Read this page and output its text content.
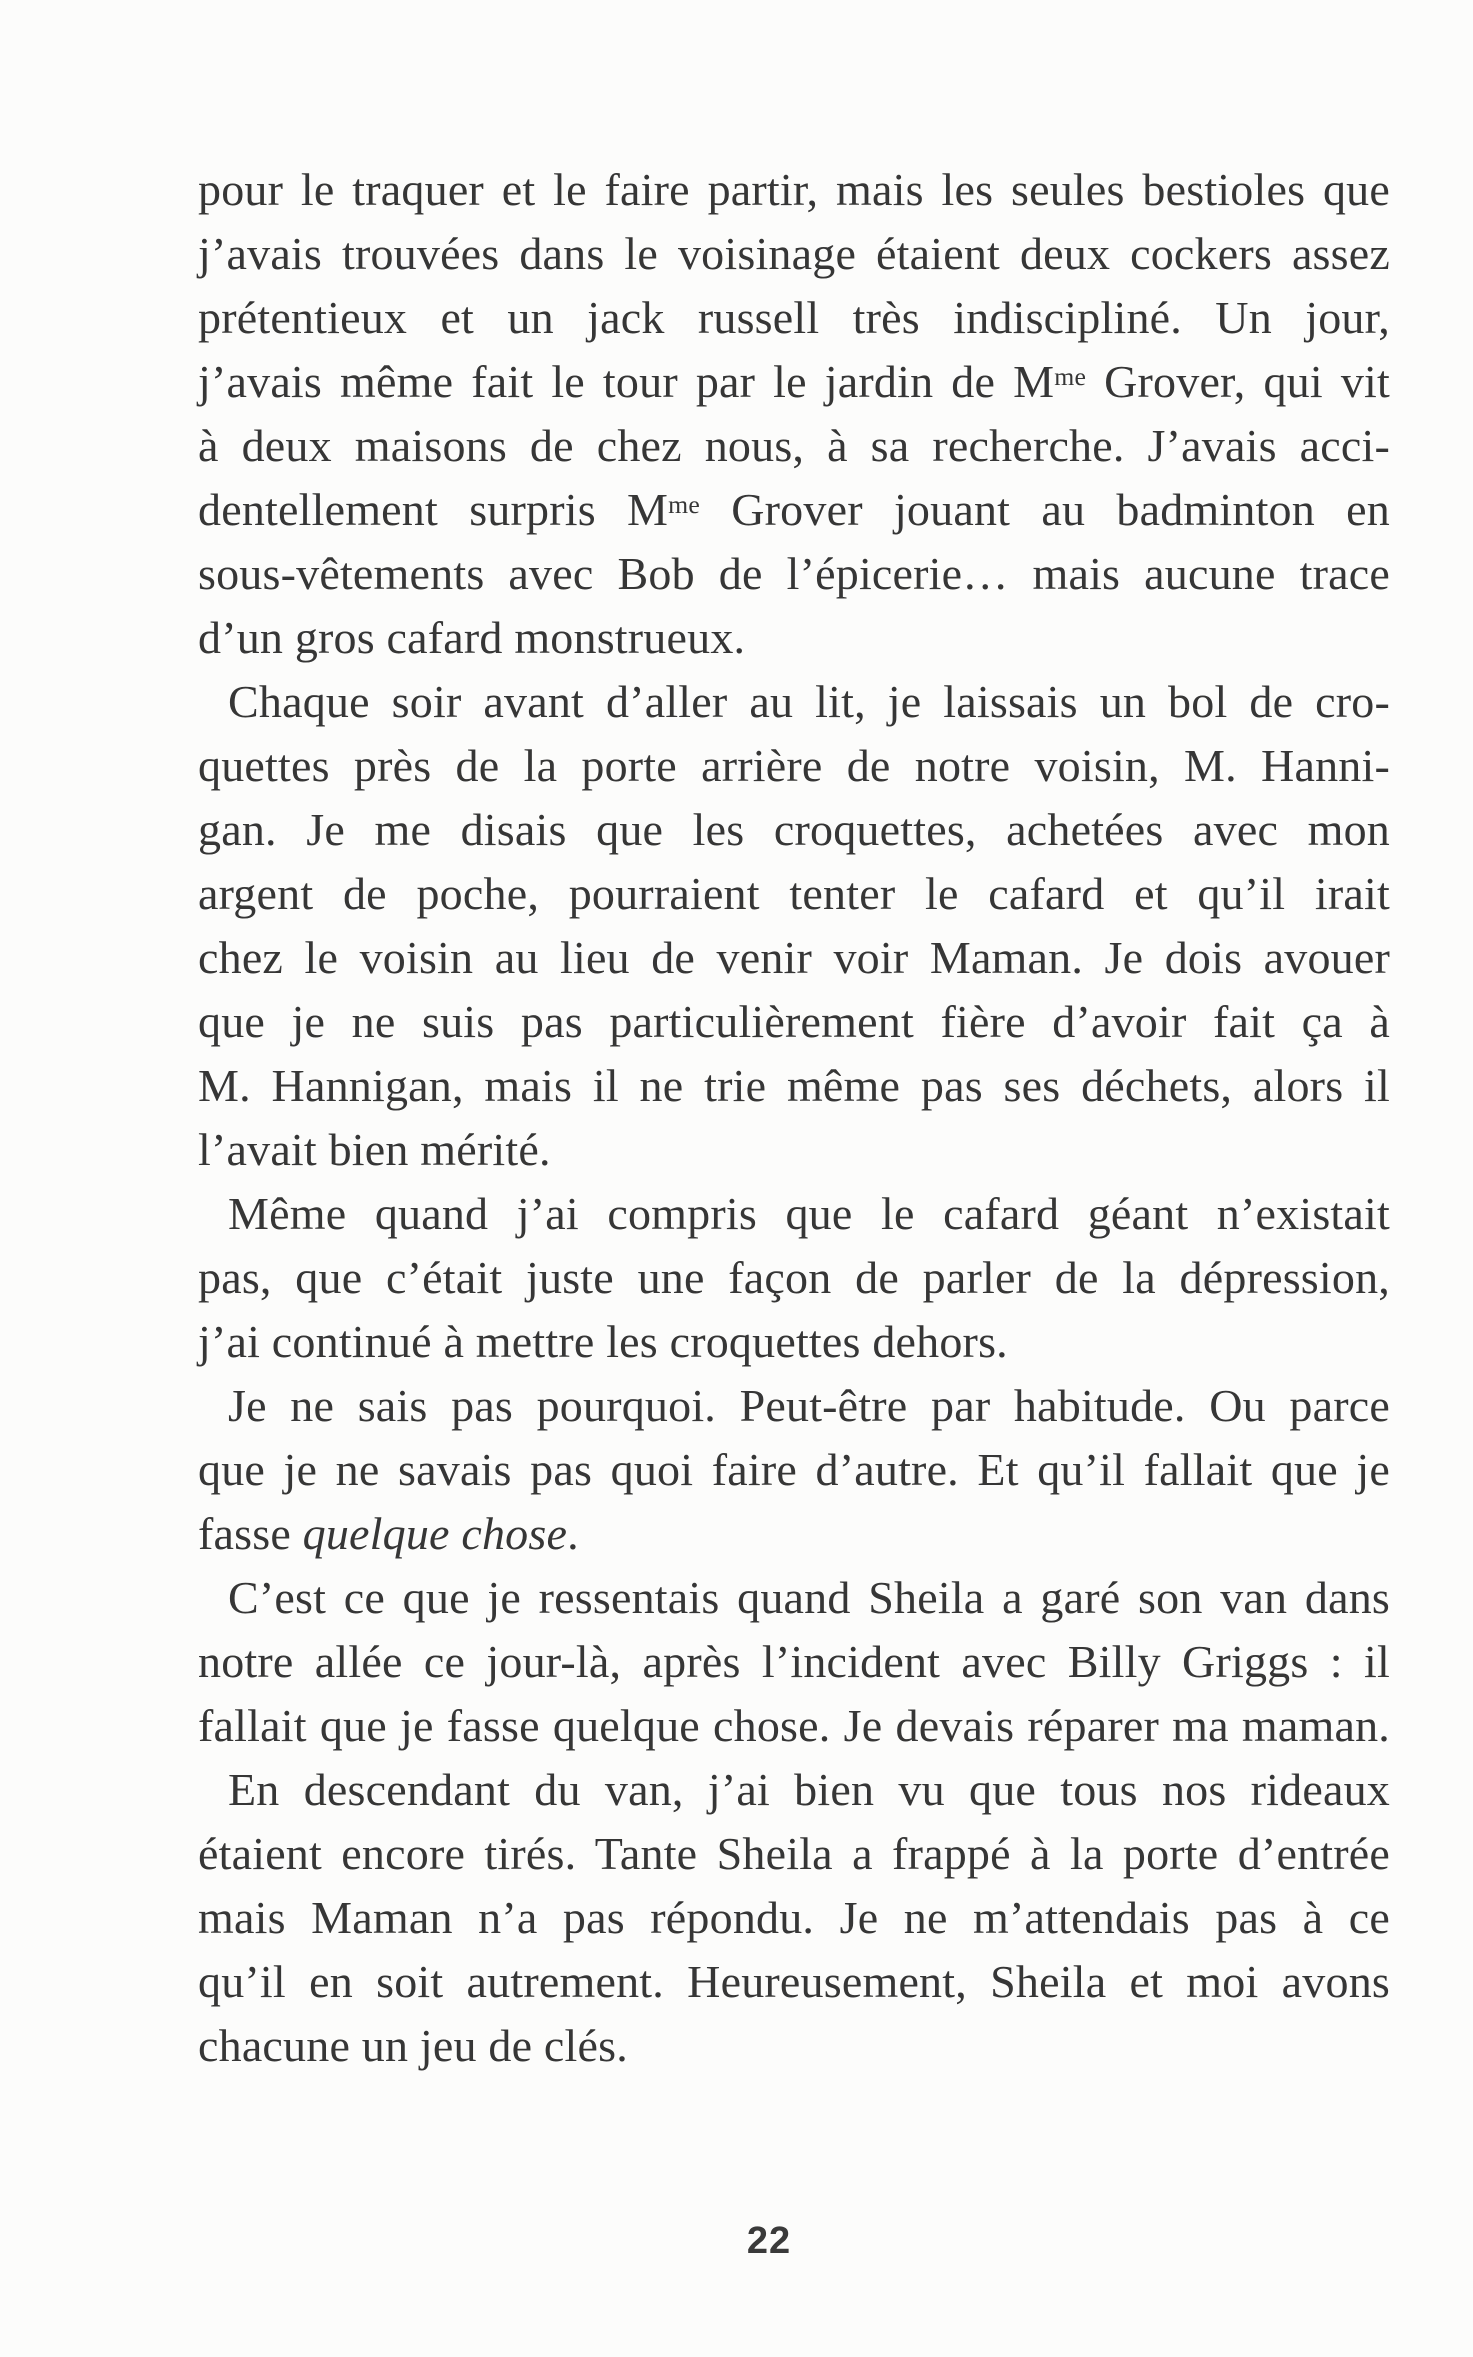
pour le traquer et le faire partir, mais les seules bestioles que
j’avais trouvées dans le voisinage étaient deux cockers assez
prétentieux et un jack russell très indiscipliné. Un jour,
j’avais même fait le tour par le jardin de $M^{me}$ Grover, qui vit
à deux maisons de chez nous, à sa recherche. J’avais acci-
dentellement surpris $M^{me}$ Grover jouant au badminton en
sous-vêtements avec Bob de l’épicerie… mais aucune trace
d’un gros cafard monstrueux.
Chaque soir avant d’aller au lit, je laissais un bol de cro-
quettes près de la porte arrière de notre voisin, M. Hanni-
gan. Je me disais que les croquettes, achetées avec mon
argent de poche, pourraient tenter le cafard et qu’il irait
chez le voisin au lieu de venir voir Maman. Je dois avouer
que je ne suis pas particulièrement fière d’avoir fait ça à
M. Hannigan, mais il ne trie même pas ses déchets, alors il
l’avait bien mérité.
Même quand j’ai compris que le cafard géant n’existait
pas, que c’était juste une façon de parler de la dépression,
j’ai continué à mettre les croquettes dehors.
Je ne sais pas pourquoi. Peut-être par habitude. Ou parce
que je ne savais pas quoi faire d’autre. Et qu’il fallait que je
fasse quelque chose.
C’est ce que je ressentais quand Sheila a garé son van dans
notre allée ce jour-là, après l’incident avec Billy Griggs : il
fallait que je fasse quelque chose. Je devais réparer ma maman.
En descendant du van, j’ai bien vu que tous nos rideaux
étaient encore tirés. Tante Sheila a frappé à la porte d’entrée
mais Maman n’a pas répondu. Je ne m’attendais pas à ce
qu’il en soit autrement. Heureusement, Sheila et moi avons
chacune un jeu de clés.
22
